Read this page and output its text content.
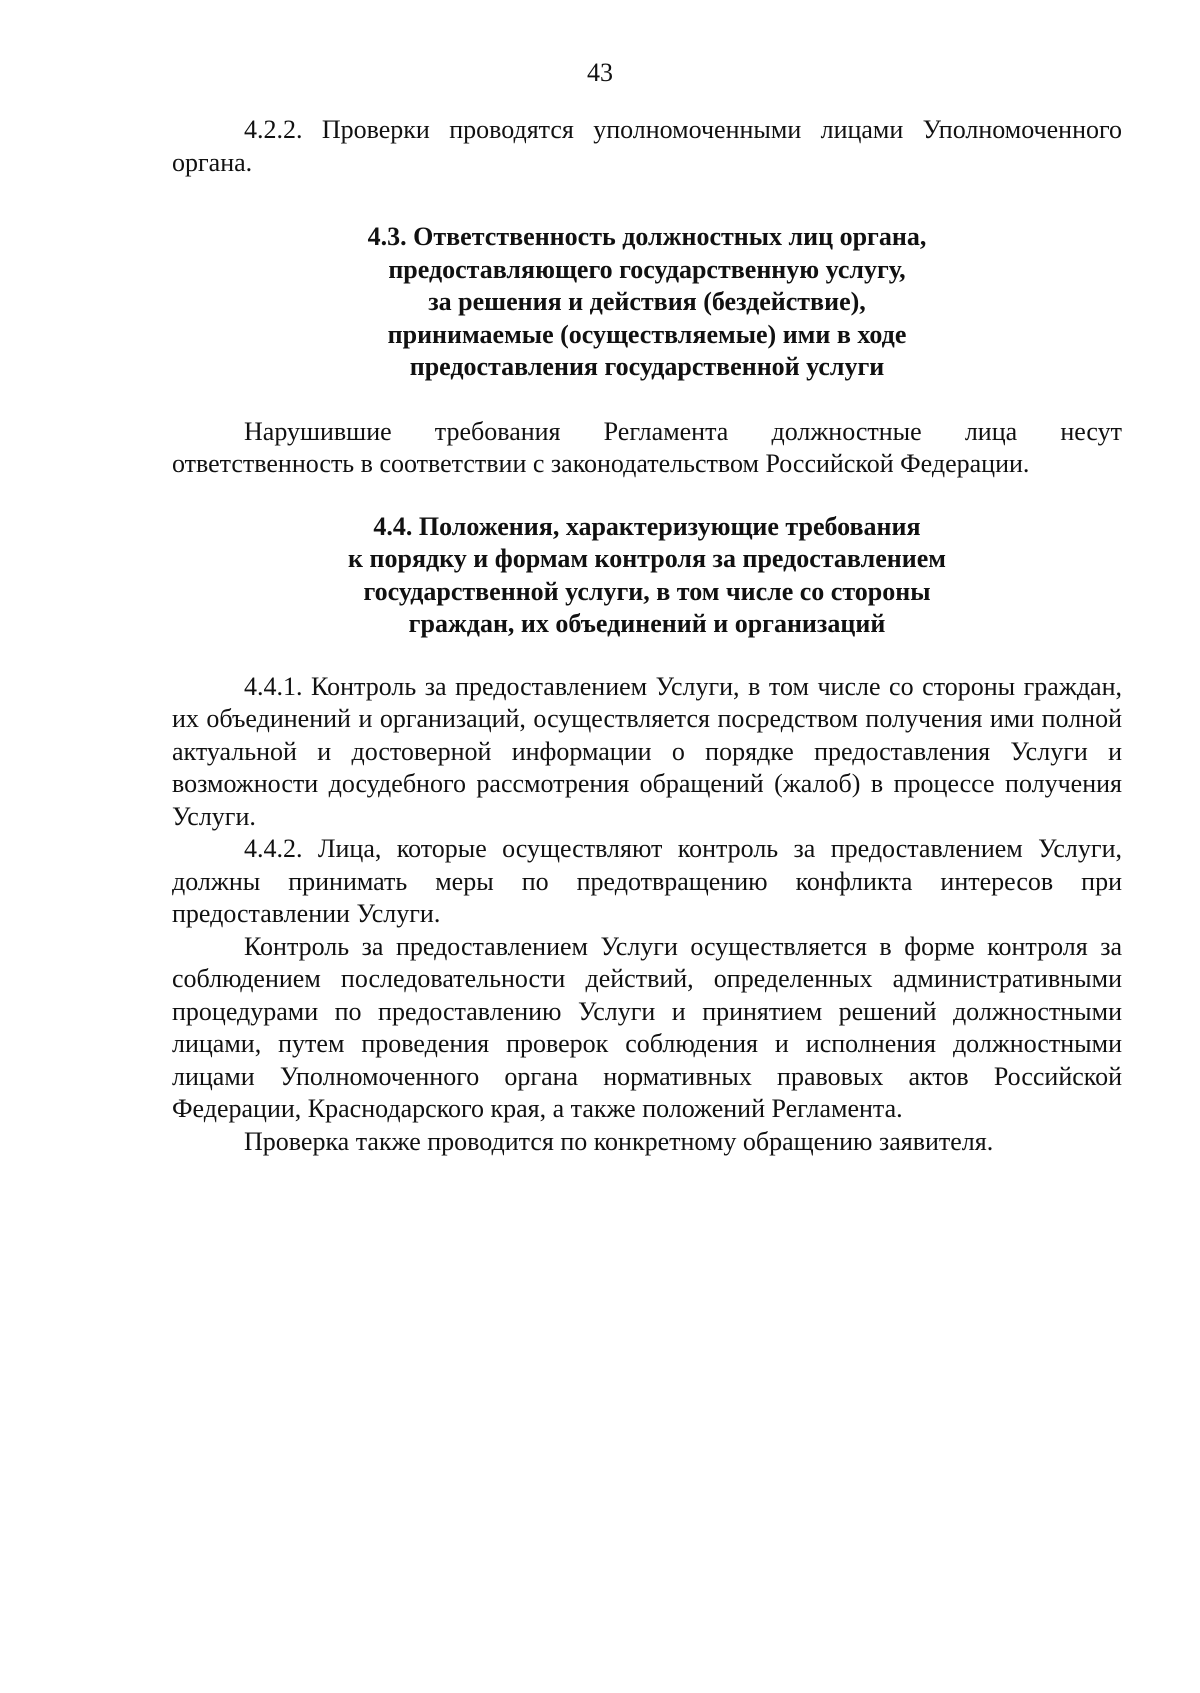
43

4.2.2. Проверки проводятся уполномоченными лицами Уполномоченного органа.

4.3. Ответственность должностных лиц органа,
предоставляющего государственную услугу,
за решения и действия (бездействие),
принимаемые (осуществляемые) ими в ходе
предоставления государственной услуги

Нарушившие требования Регламента должностные лица несут ответственность в соответствии с законодательством Российской Федерации.

4.4. Положения, характеризующие требования
к порядку и формам контроля за предоставлением
государственной услуги, в том числе со стороны
граждан, их объединений и организаций

4.4.1. Контроль за предоставлением Услуги, в том числе со стороны граждан, их объединений и организаций, осуществляется посредством получения ими полной актуальной и достоверной информации о порядке предоставления Услуги и возможности досудебного рассмотрения обращений (жалоб) в процессе получения Услуги.

4.4.2. Лица, которые осуществляют контроль за предоставлением Услуги, должны принимать меры по предотвращению конфликта интересов при предоставлении Услуги.

Контроль за предоставлением Услуги осуществляется в форме контроля за соблюдением последовательности действий, определенных административными процедурами по предоставлению Услуги и принятием решений должностными лицами, путем проведения проверок соблюдения и исполнения должностными лицами Уполномоченного органа нормативных правовых актов Российской Федерации, Краснодарского края, а также положений Регламента.

Проверка также проводится по конкретному обращению заявителя.
